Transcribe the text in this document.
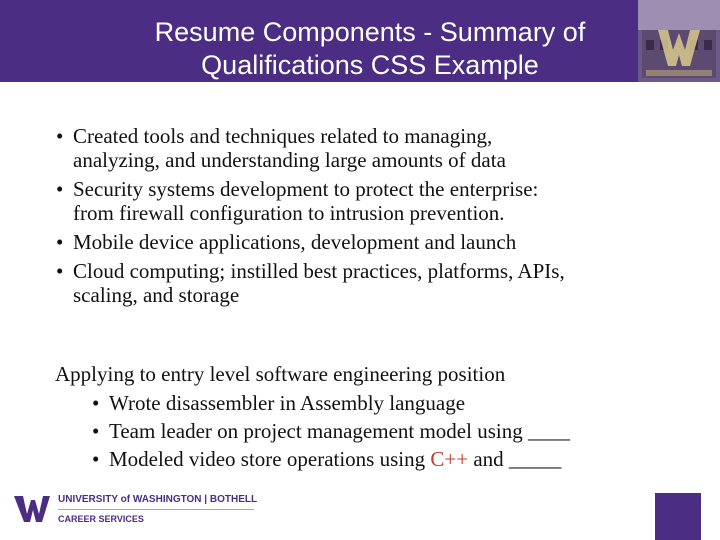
Resume Components - Summary of
Qualifications CSS Example
• Created tools and techniques related to managing,
analyzing, and understanding large amounts of data
• Security systems development to protect the enterprise:
from firewall configuration to intrusion prevention.
• Mobile device applications, development and launch
• Cloud computing; instilled best practices, platforms, APIs,
scaling, and storage
Applying to entry level software engineering position
• Wrote disassembler in Assembly language
• Team leader on project management model using ____
• Modeled video store operations using C++ and _____
UNIVERSITY of WASHINGTON | BOTHELL
CAREER SERVICES
